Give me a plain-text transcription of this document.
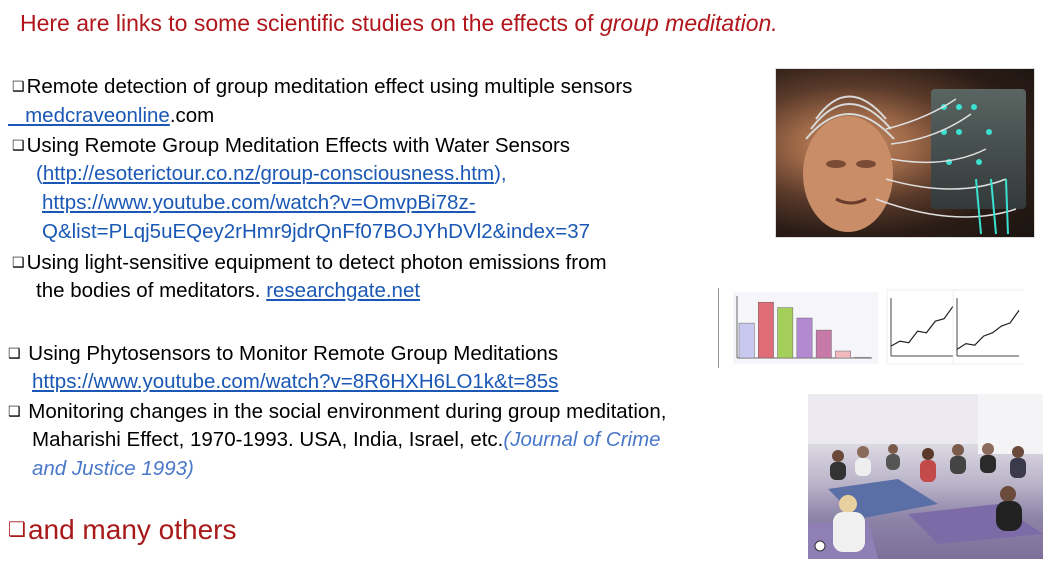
Here are links to some scientific studies on the effects of group meditation.
❑Remote detection of group meditation effect using multiple sensors
medcraveonline.com
❑Using Remote Group Meditation Effects with Water Sensors
(http://esoterictour.co.nz/group-consciousness.htm),
https://www.youtube.com/watch?v=OmvpBi78z-
Q&list=PLqj5uEQey2rHmr9jdrQnFf07BOJYhDVl2&index=37
❑Using light-sensitive equipment to detect photon emissions from
the bodies of meditators. researchgate.net
❑ Using Phytosensors to Monitor Remote Group Meditations
https://www.youtube.com/watch?v=8R6HXH6LO1k&t=85s
❑ Monitoring changes in the social environment during group meditation,
Maharishi Effect, 1970-1993. USA, India, Israel, etc.(Journal of Crime
and Justice 1993)
❑and many others
